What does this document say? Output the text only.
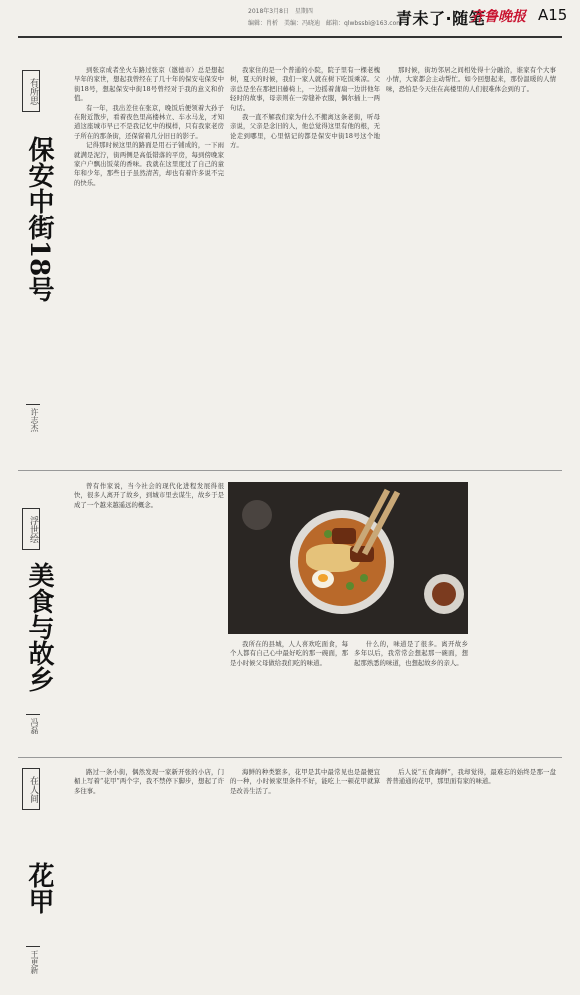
2018年3月8日　星期四
编辑：肖析　美编：冯晓迪　邮箱：qlwbssbi@163.com
青未了·随笔
齐鲁晚报 A15
有所思
保安中街18号
许志杰

到张京成者坐火车路过张京（邀德市）总是想起早年的家世，想起我曾经在了几十年的保安屯保安中街18号，想起保安中街18号曾经对于我的意义和价值。

有一年，我出差住在张京，晚饭后便领着大孙子在附近散步，看着夜色里高楼林立、车水马龙，才知道这座城市早已不是我记忆中的模样，只有我家老房子所在的那条街，还保留着几分旧日的影子。

记得那时候这里的路面是用石子铺成的，一下雨就满是泥泞，街两侧是高低错落的平房，每到傍晚家家户户飘出饭菜的香味。我就在这里度过了自己的童年和少年，那些日子虽然清苦，却也有着许多说不完的快乐。

我家住的是一个普通的小院，院子里有一棵老槐树，夏天的时候，我们一家人就在树下吃饭乘凉。父亲总是坐在那把旧藤椅上，一边摇着蒲扇一边讲他年轻时的故事，母亲则在一旁缝补衣服，偶尔插上一两句话。

我一直不解我们家为什么不搬离这条老街，听母亲说，父亲是念旧的人，他总觉得这里有他的根，无论走到哪里，心里惦记的都是保安中街18号这个地方。

那时候，街坊邻居之间相处得十分融洽，谁家有个大事小情，大家都会主动帮忙。如今回想起来，那份温暖的人情味，恐怕是今天住在高楼里的人们很难体会到的了。

浮世绘
美食与故乡
冯磊

曾有作家说，当今社会的现代化进程发展得很快，很多人离开了故乡，到城市里去谋生，故乡于是成了一个越来越遥远的概念。

我所在的县城，人人喜欢吃面食，每个人都有自己心中最好吃的那一碗面，那是小时候父母做给我们吃的味道。

什么的，味道是了很多。离开故乡多年以后，我常常会想起那一碗面，想起那熟悉的味道，也想起故乡的亲人。

在人间
花甲
王更新

路过一条小街，偶然发现一家新开张的小店，门楣上写着“花甲”两个字，我不禁停下脚步，想起了许多往事。

海鲜的种类繁多，花甲是其中最常见也是最便宜的一种，小时候家里条件不好，能吃上一顿花甲就算是改善生活了。

后人说“五食海鲜”，我却觉得，最难忘的始终是那一盘普普通通的花甲，那里面有家的味道。
